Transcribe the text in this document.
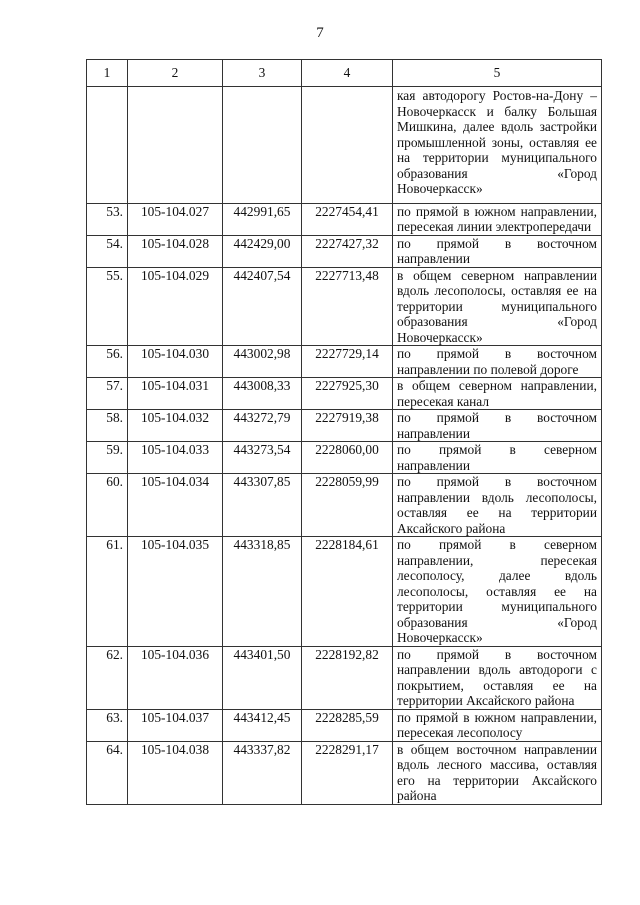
7
1	2	3	4	5
				кая автодорогу Ростов-на-Дону – Новочеркасск и балку Большая Мишкина, далее вдоль застройки промышленной зоны, оставляя ее на территории муниципального образования «Город Новочеркасск»
53.	105-104.027	442991,65	2227454,41	по прямой в южном направлении, пересекая линии электропередачи
54.	105-104.028	442429,00	2227427,32	по прямой в восточном направлении
55.	105-104.029	442407,54	2227713,48	в общем северном направлении вдоль лесополосы, оставляя ее на территории муниципального образования «Город Новочеркасск»
56.	105-104.030	443002,98	2227729,14	по прямой в восточном направлении по полевой дороге
57.	105-104.031	443008,33	2227925,30	в общем северном направлении, пересекая канал
58.	105-104.032	443272,79	2227919,38	по прямой в восточном направлении
59.	105-104.033	443273,54	2228060,00	по прямой в северном направлении
60.	105-104.034	443307,85	2228059,99	по прямой в восточном направлении вдоль лесополосы, оставляя ее на территории Аксайского района
61.	105-104.035	443318,85	2228184,61	по прямой в северном направлении, пересекая лесополосу, далее вдоль лесополосы, оставляя ее на территории муниципального образования «Город Новочеркасск»
62.	105-104.036	443401,50	2228192,82	по прямой в восточном направлении вдоль автодороги с покрытием, оставляя ее на территории Аксайского района
63.	105-104.037	443412,45	2228285,59	по прямой в южном направлении, пересекая лесополосу
64.	105-104.038	443337,82	2228291,17	в общем восточном направлении вдоль лесного массива, оставляя его на территории Аксайского района
